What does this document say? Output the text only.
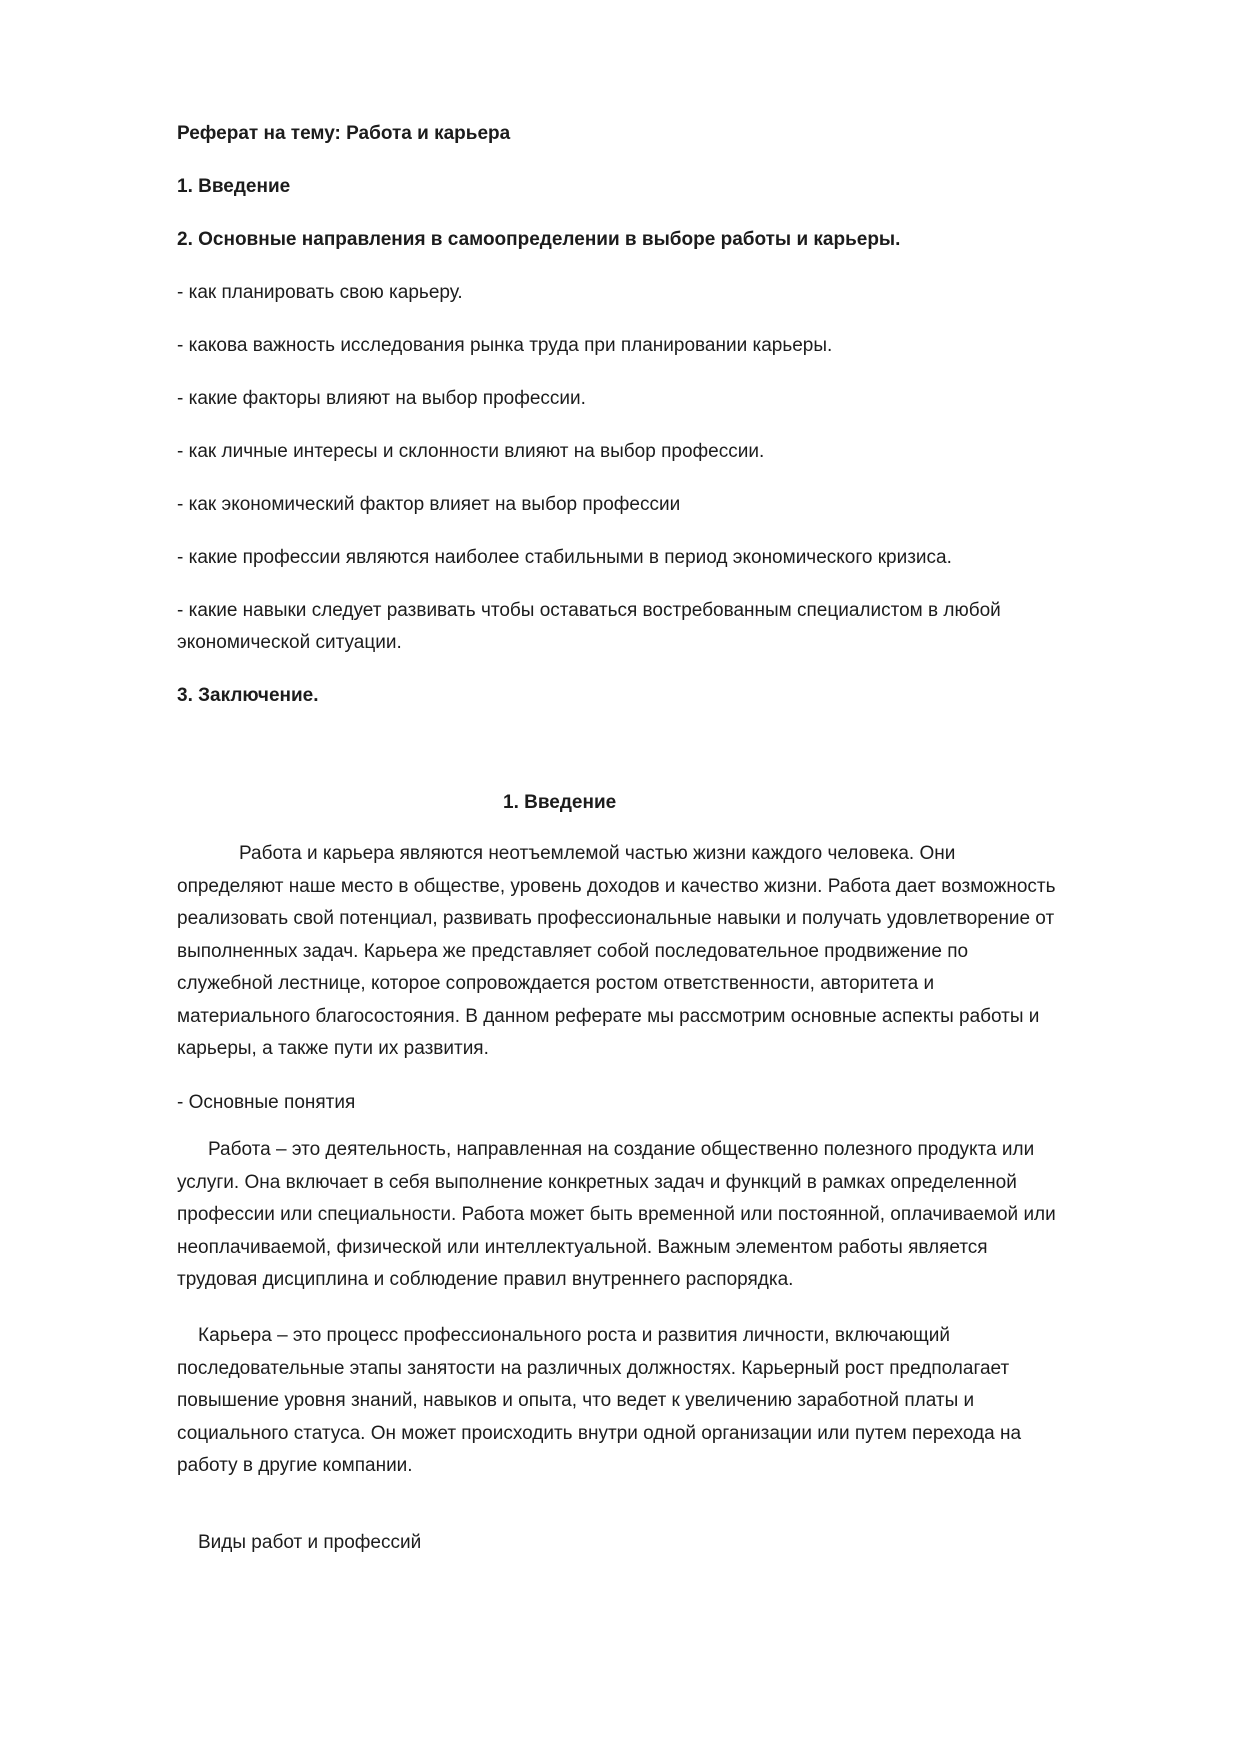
Реферат на тему: Работа и карьера
1. Введение
2. Основные направления в самоопределении в выборе работы и карьеры.
- как планировать свою карьеру.
- какова важность исследования рынка труда при планировании карьеры.
- какие факторы влияют на выбор профессии.
- как личные интересы и склонности влияют на выбор профессии.
- как экономический фактор влияет на выбор профессии
- какие профессии являются наиболее стабильными в период экономического кризиса.
- какие навыки следует развивать чтобы оставаться востребованным специалистом в любой
экономической ситуации.
3. Заключение.
1. Введение
Работа и карьера являются неотъемлемой частью жизни каждого человека. Они
определяют наше место в обществе, уровень доходов и качество жизни. Работа дает возможность
реализовать свой потенциал, развивать профессиональные навыки и получать удовлетворение от
выполненных задач. Карьера же представляет собой последовательное продвижение по
служебной лестнице, которое сопровождается ростом ответственности, авторитета и
материального благосостояния. В данном реферате мы рассмотрим основные аспекты работы и
карьеры, а также пути их развития.
- Основные понятия
Работа – это деятельность, направленная на создание общественно полезного продукта или
услуги. Она включает в себя выполнение конкретных задач и функций в рамках определенной
профессии или специальности. Работа может быть временной или постоянной, оплачиваемой или
неоплачиваемой, физической или интеллектуальной. Важным элементом работы является
трудовая дисциплина и соблюдение правил внутреннего распорядка.
Карьера – это процесс профессионального роста и развития личности, включающий
последовательные этапы занятости на различных должностях. Карьерный рост предполагает
повышение уровня знаний, навыков и опыта, что ведет к увеличению заработной платы и
социального статуса. Он может происходить внутри одной организации или путем перехода на
работу в другие компании.
Виды работ и профессий
